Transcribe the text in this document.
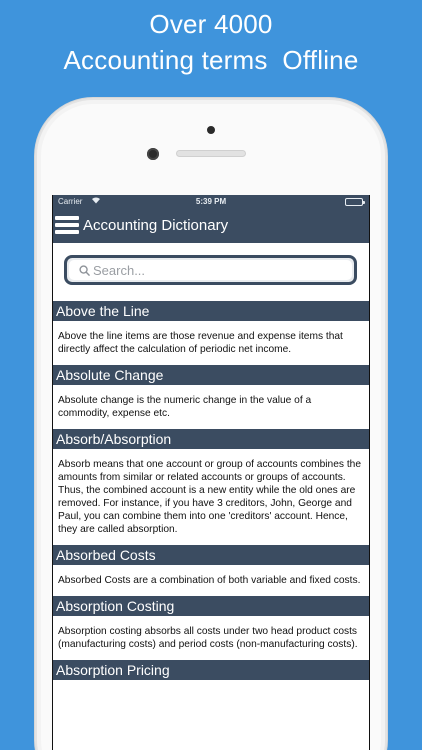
Over 4000
Accounting terms  Offline
Carrier	5:39 PM
Accounting Dictionary
Search...
Above the Line
Above the line items are those revenue and expense items that directly affect the calculation of periodic net income.
Absolute Change
Absolute change is the numeric change in the value of a commodity, expense etc.
Absorb/Absorption
Absorb means that one account or group of accounts combines the amounts from similar or related accounts or groups of accounts. Thus, the combined account is a new entity while the old ones are removed. For instance, if you have 3 creditors, John, George and Paul, you can combine them into one 'creditors' account. Hence, they are called absorption.
Absorbed Costs
Absorbed Costs are a combination of both variable and fixed costs.
Absorption Costing
Absorption costing absorbs all costs under two head product costs (manufacturing costs) and period costs (non-manufacturing costs).
Absorption Pricing
